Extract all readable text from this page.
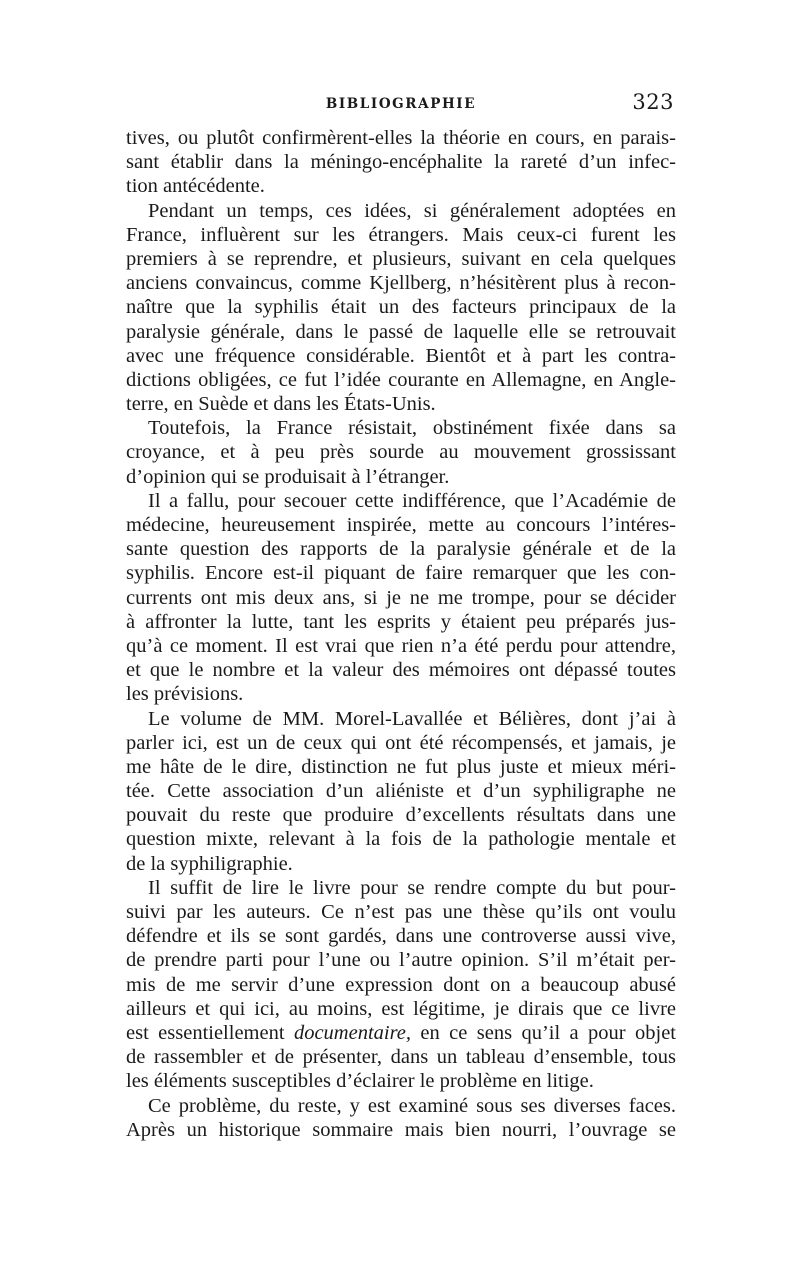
BIBLIOGRAPHIE	323
tives, ou plutôt confirmèrent-elles la théorie en cours, en parais-
sant établir dans la méningo-encéphalite la rareté d’un infec-
tion antécédente.
Pendant un temps, ces idées, si généralement adoptées en
France, influèrent sur les étrangers. Mais ceux-ci furent les
premiers à se reprendre, et plusieurs, suivant en cela quelques
anciens convaincus, comme Kjellberg, n’hésitèrent plus à recon-
naître que la syphilis était un des facteurs principaux de la
paralysie générale, dans le passé de laquelle elle se retrouvait
avec une fréquence considérable. Bientôt et à part les contra-
dictions obligées, ce fut l’idée courante en Allemagne, en Angle-
terre, en Suède et dans les États-Unis.
Toutefois, la France résistait, obstinément fixée dans sa
croyance, et à peu près sourde au mouvement grossissant
d’opinion qui se produisait à l’étranger.
Il a fallu, pour secouer cette indifférence, que l’Académie de
médecine, heureusement inspirée, mette au concours l’intéres-
sante question des rapports de la paralysie générale et de la
syphilis. Encore est-il piquant de faire remarquer que les con-
currents ont mis deux ans, si je ne me trompe, pour se décider
à affronter la lutte, tant les esprits y étaient peu préparés jus-
qu’à ce moment. Il est vrai que rien n’a été perdu pour attendre,
et que le nombre et la valeur des mémoires ont dépassé toutes
les prévisions.
Le volume de MM. Morel-Lavallée et Bélières, dont j’ai à
parler ici, est un de ceux qui ont été récompensés, et jamais, je
me hâte de le dire, distinction ne fut plus juste et mieux méri-
tée. Cette association d’un aliéniste et d’un syphiligraphe ne
pouvait du reste que produire d’excellents résultats dans une
question mixte, relevant à la fois de la pathologie mentale et
de la syphiligraphie.
Il suffit de lire le livre pour se rendre compte du but pour-
suivi par les auteurs. Ce n’est pas une thèse qu’ils ont voulu
défendre et ils se sont gardés, dans une controverse aussi vive,
de prendre parti pour l’une ou l’autre opinion. S’il m’était per-
mis de me servir d’une expression dont on a beaucoup abusé
ailleurs et qui ici, au moins, est légitime, je dirais que ce livre
est essentiellement documentaire, en ce sens qu’il a pour objet
de rassembler et de présenter, dans un tableau d’ensemble, tous
les éléments susceptibles d’éclairer le problème en litige.
Ce problème, du reste, y est examiné sous ses diverses faces.
Après un historique sommaire mais bien nourri, l’ouvrage se
